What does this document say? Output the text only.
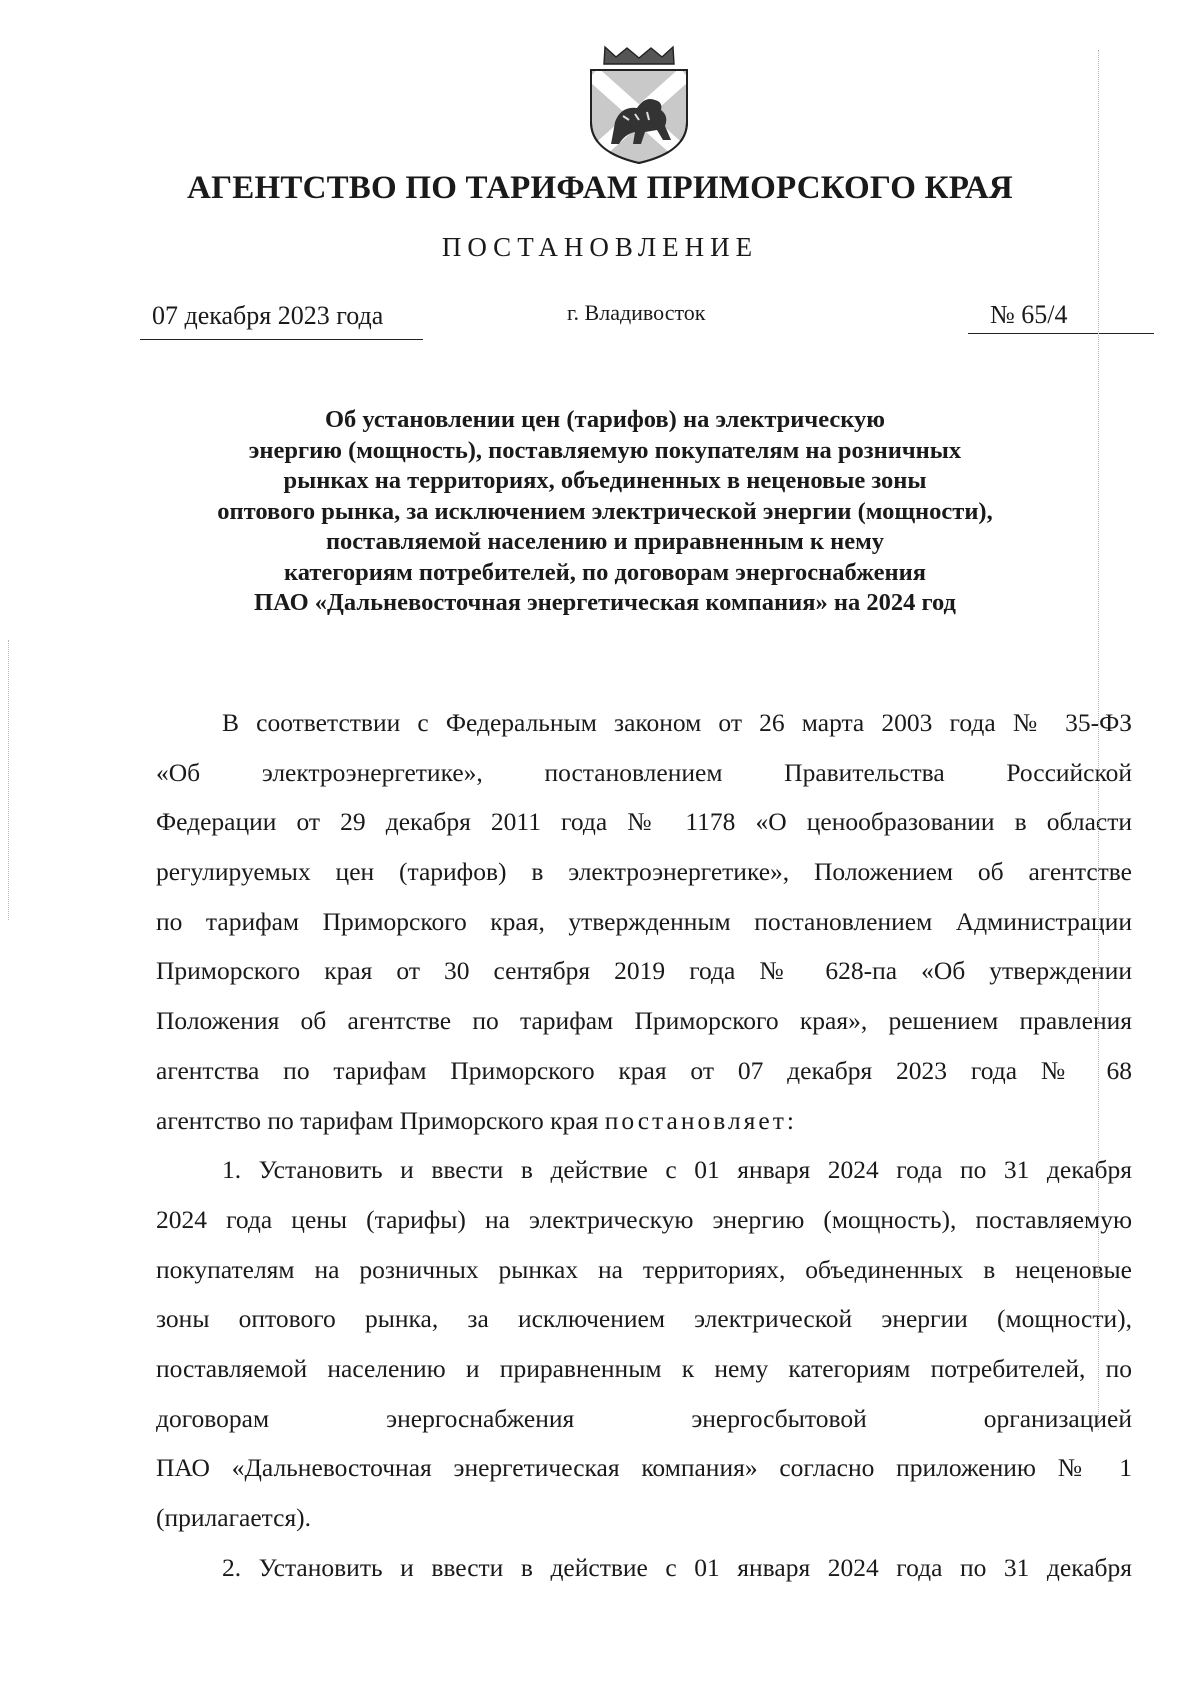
АГЕНТСТВО ПО ТАРИФАМ ПРИМОРСКОГО КРАЯ
ПОСТАНОВЛЕНИЕ
07 декабря 2023 года	г. Владивосток	№ 65/4
Об установлении цен (тарифов) на электрическую
энергию (мощность), поставляемую покупателям на розничных
рынках на территориях, объединенных в неценовые зоны
оптового рынка, за исключением электрической энергии (мощности),
поставляемой населению и приравненным к нему
категориям потребителей, по договорам энергоснабжения
ПАО «Дальневосточная энергетическая компания» на 2024 год
В соответствии с Федеральным законом от 26 марта 2003 года № 35-ФЗ
«Об электроэнергетике», постановлением Правительства Российской
Федерации от 29 декабря 2011 года № 1178 «О ценообразовании в области
регулируемых цен (тарифов) в электроэнергетике», Положением об агентстве
по тарифам Приморского края, утвержденным постановлением Администрации
Приморского края от 30 сентября 2019 года № 628-па «Об утверждении
Положения об агентстве по тарифам Приморского края», решением правления
агентства по тарифам Приморского края от 07 декабря 2023 года № 68
агентство по тарифам Приморского края постановляет:
1. Установить и ввести в действие с 01 января 2024 года по 31 декабря
2024 года цены (тарифы) на электрическую энергию (мощность), поставляемую
покупателям на розничных рынках на территориях, объединенных в неценовые
зоны оптового рынка, за исключением электрической энергии (мощности),
поставляемой населению и приравненным к нему категориям потребителей, по
договорам энергоснабжения энергосбытовой организацией
ПАО «Дальневосточная энергетическая компания» согласно приложению № 1
(прилагается).
2. Установить и ввести в действие с 01 января 2024 года по 31 декабря
